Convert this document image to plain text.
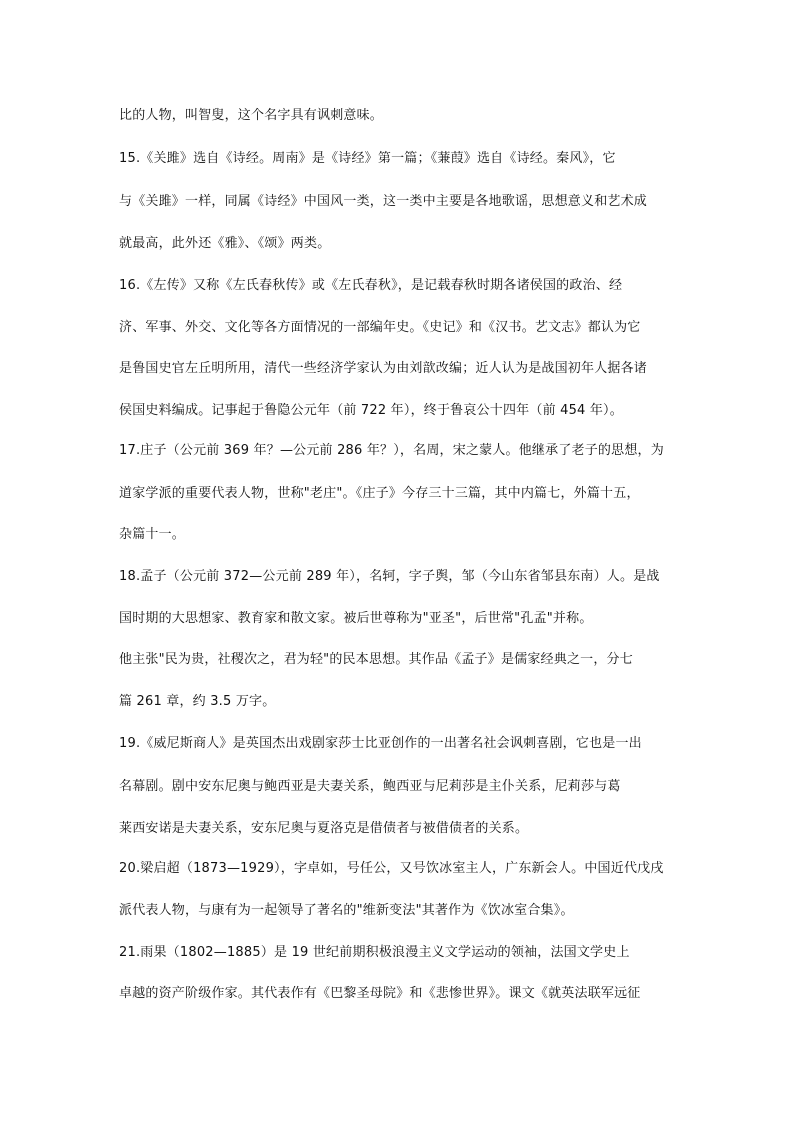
比的人物，叫智叟，这个名字具有讽刺意味。
15.《关雎》选自《诗经。周南》是《诗经》第一篇；《蒹葭》选自《诗经。秦风》，它
与《关雎》一样，同属《诗经》中国风一类，这一类中主要是各地歌谣，思想意义和艺术成
就最高，此外还《雅》、《颂》两类。
16.《左传》又称《左氏春秋传》或《左氏春秋》，是记载春秋时期各诸侯国的政治、经
济、军事、外交、文化等各方面情况的一部编年史。《史记》和《汉书。艺文志》都认为它
是鲁国史官左丘明所用，清代一些经济学家认为由刘歆改编；近人认为是战国初年人据各诸
侯国史料编成。记事起于鲁隐公元年（前 722 年），终于鲁哀公十四年（前 454 年）。
17.庄子（公元前 369 年？—公元前 286 年？），名周，宋之蒙人。他继承了老子的思想，为
道家学派的重要代表人物，世称"老庄"。《庄子》今存三十三篇，其中内篇七，外篇十五，
杂篇十一。
18.孟子（公元前 372—公元前 289 年），名轲，字子舆，邹（今山东省邹县东南）人。是战
国时期的大思想家、教育家和散文家。被后世尊称为"亚圣"，后世常"孔孟"并称。
他主张"民为贵，社稷次之，君为轻"的民本思想。其作品《孟子》是儒家经典之一，分七
篇 261 章，约 3.5 万字。
19.《威尼斯商人》是英国杰出戏剧家莎士比亚创作的一出著名社会讽刺喜剧，它也是一出
名幕剧。剧中安东尼奥与鲍西亚是夫妻关系，鲍西亚与尼莉莎是主仆关系，尼莉莎与葛
莱西安诺是夫妻关系，安东尼奥与夏洛克是借债者与被借债者的关系。
20.梁启超（1873—1929），字卓如，号任公，又号饮冰室主人，广东新会人。中国近代戊戌
派代表人物，与康有为一起领导了著名的"维新变法"其著作为《饮冰室合集》。
21.雨果（1802—1885）是 19 世纪前期积极浪漫主义文学运动的领袖，法国文学史上
卓越的资产阶级作家。其代表作有《巴黎圣母院》和《悲惨世界》。课文《就英法联军远征
